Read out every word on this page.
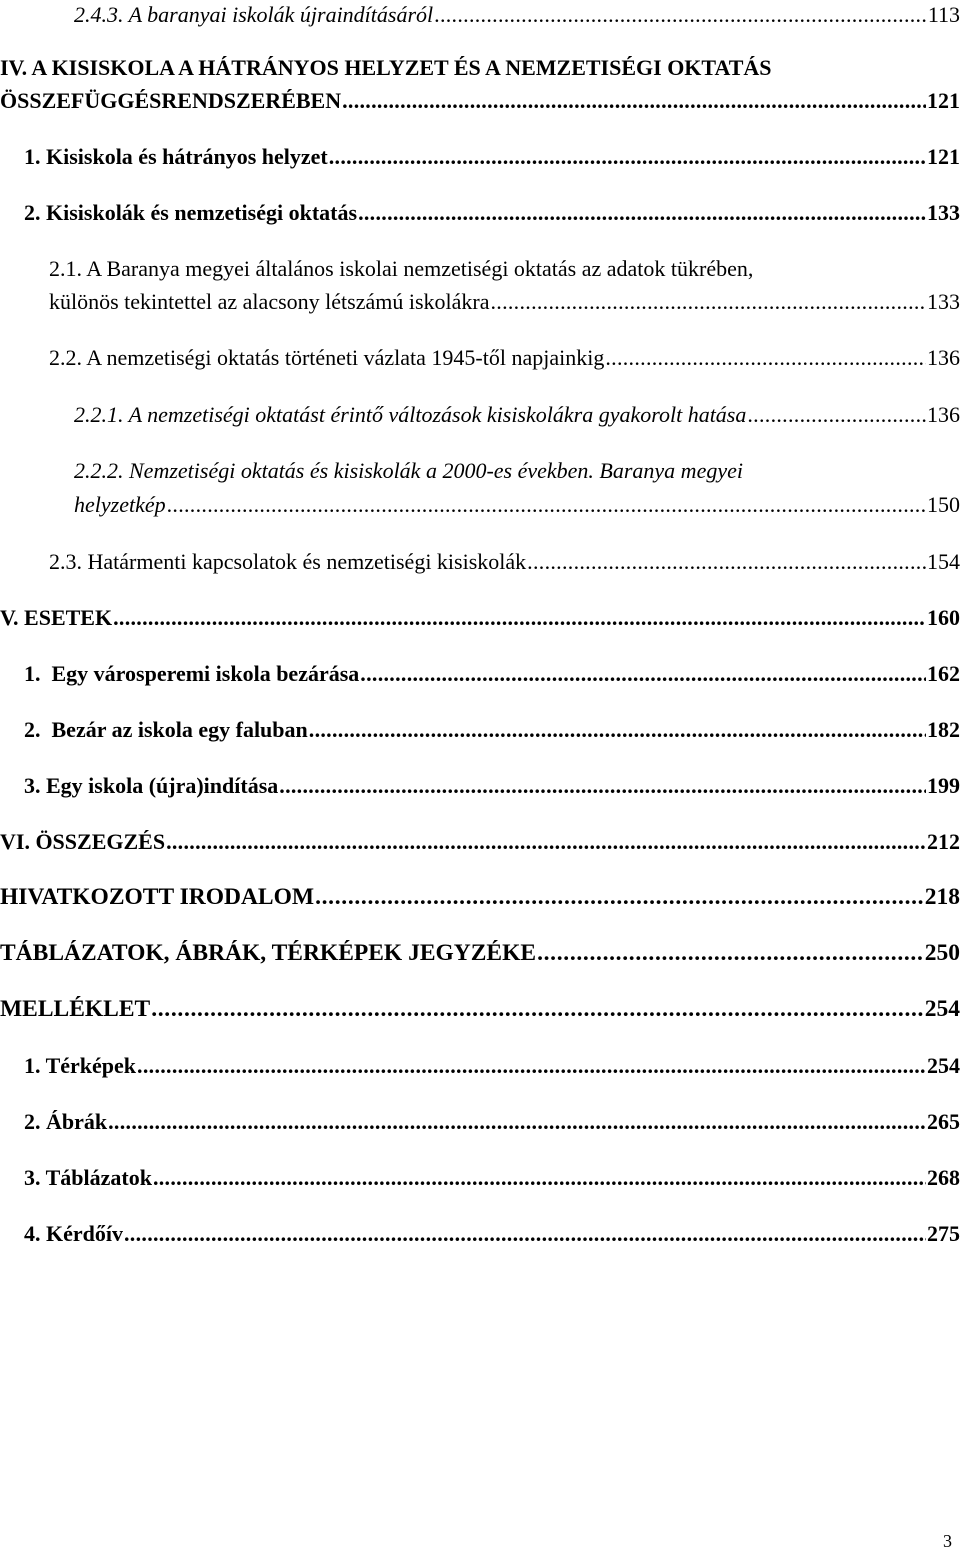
2.4.3. A baranyai iskolák újraindításáról . . .	113
IV. A KISISKOLA A HÁTRÁNYOS HELYZET ÉS A NEMZETISÉGI OKTATÁS
ÖSSZEFÜGGÉSRENDSZERÉBEN . . .	121
1. Kisiskola és hátrányos helyzet . . .	121
2. Kisiskolák és nemzetiségi oktatás . . .	133
2.1. A Baranya megyei általános iskolai nemzetiségi oktatás az adatok tükrében,
különös tekintettel az alacsony létszámú iskolákra . . .	133
2.2. A nemzetiségi oktatás történeti vázlata 1945-től napjainkig . . .	136
2.2.1. A nemzetiségi oktatást érintő változások kisiskolákra gyakorolt hatása . . .	136
2.2.2. Nemzetiségi oktatás és kisiskolák a 2000-es években. Baranya megyei
helyzetkép . . .	150
2.3. Határmenti kapcsolatok és nemzetiségi kisiskolák . . .	154
V. ESETEK . . .	160
1.  Egy városperemi iskola bezárása . . .	162
2.  Bezár az iskola egy faluban . . .	182
3. Egy iskola (újra)indítása . . .	199
VI. ÖSSZEGZÉS . . .	212
HIVATKOZOTT IRODALOM . . .	218
TÁBLÁZATOK, ÁBRÁK, TÉRKÉPEK JEGYZÉKE . . .	250
MELLÉKLET . . .	254
1. Térképek . . .	254
2. Ábrák . . .	265
3. Táblázatok . . .	268
4. Kérdőív . . .	275
3
